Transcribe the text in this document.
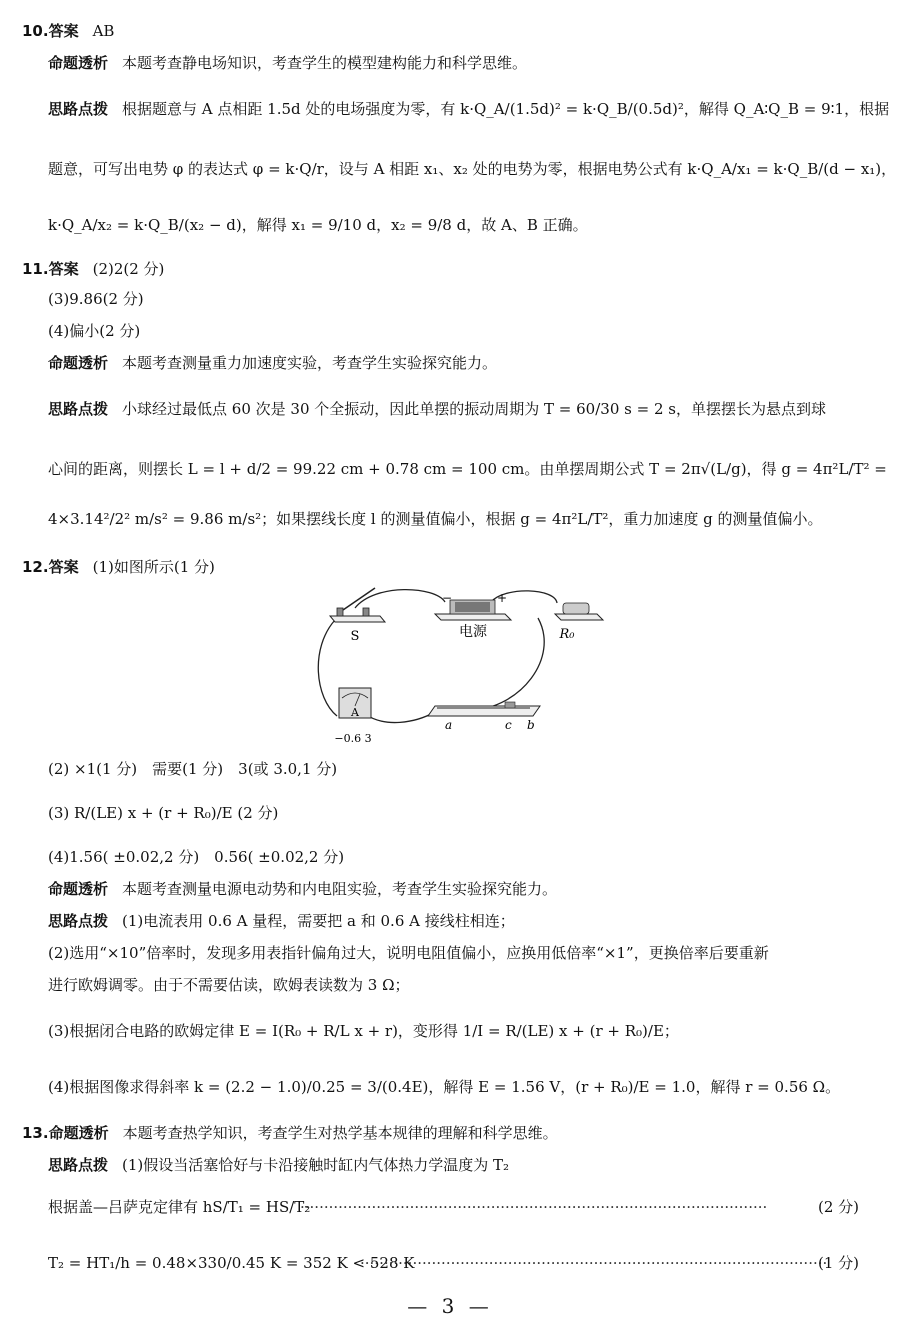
10.答案 AB
命题透析 本题考查静电场知识，考查学生的模型建构能力和科学思维。
思路点拨 根据题意与 A 点相距 1.5d 处的电场强度为零，有 k·Q_A/(1.5d)² = k·Q_B/(0.5d)²，解得 Q_A∶Q_B = 9∶1，根据
题意，可写出电势 φ 的表达式 φ = k·Q/r，设与 A 相距 x₁、x₂ 处的电势为零，根据电势公式有 k·Q_A/x₁ = k·Q_B/(d − x₁)，
k·Q_A/x₂ = k·Q_B/(x₂ − d)，解得 x₁ = 9/10 d，x₂ = 9/8 d，故 A、B 正确。
11.答案 (2)2(2 分)
(3)9.86(2 分)
(4)偏小(2 分)
命题透析 本题考查测量重力加速度实验，考查学生实验探究能力。
思路点拨 小球经过最低点 60 次是 30 个全振动，因此单摆的振动周期为 T = 60/30 s = 2 s，单摆摆长为悬点到球
心间的距离，则摆长 L = l + d/2 = 99.22 cm + 0.78 cm = 100 cm。由单摆周期公式 T = 2π√(L/g)，得 g = 4π²L/T² =
4×3.14²/2² m/s² = 9.86 m/s²；如果摆线长度 l 的测量值偏小，根据 g = 4π²L/T²，重力加速度 g 的测量值偏小。
12.答案 (1)如图所示(1 分)
S
−	+
电源	R₀
A
−0.6 3
a	c b
(2) ×1(1 分)　需要(1 分)　3(或 3.0,1 分)
(3) R/(LE) x + (r + R₀)/E (2 分)
(4)1.56( ±0.02,2 分)　0.56( ±0.02,2 分)
命题透析 本题考查测量电源电动势和内电阻实验，考查学生实验探究能力。
思路点拨 (1)电流表用 0.6 A 量程，需要把 a 和 0.6 A 接线柱相连；
(2)选用“×10”倍率时，发现多用表指针偏角过大，说明电阻值偏小，应换用低倍率“×1”，更换倍率后要重新
进行欧姆调零。由于不需要估读，欧姆表读数为 3 Ω；
(3)根据闭合电路的欧姆定律 E = I(R₀ + R/L x + r)，变形得 1/I = R/(LE) x + (r + R₀)/E；
(4)根据图像求得斜率 k = (2.2 − 1.0)/0.25 = 3/(0.4E)，解得 E = 1.56 V，(r + R₀)/E = 1.0，解得 r = 0.56 Ω。
13.命题透析 本题考查热学知识，考查学生对热学基本规律的理解和科学思维。
思路点拨 (1)假设当活塞恰好与卡沿接触时缸内气体热力学温度为 T₂
根据盖—吕萨克定律有 hS/T₁ = HS/T₂
··································································································	(2 分)
T₂ = HT₁/h = 0.48×330/0.45 K = 352 K < 528 K
··································································································
(1 分)
— 3 —
